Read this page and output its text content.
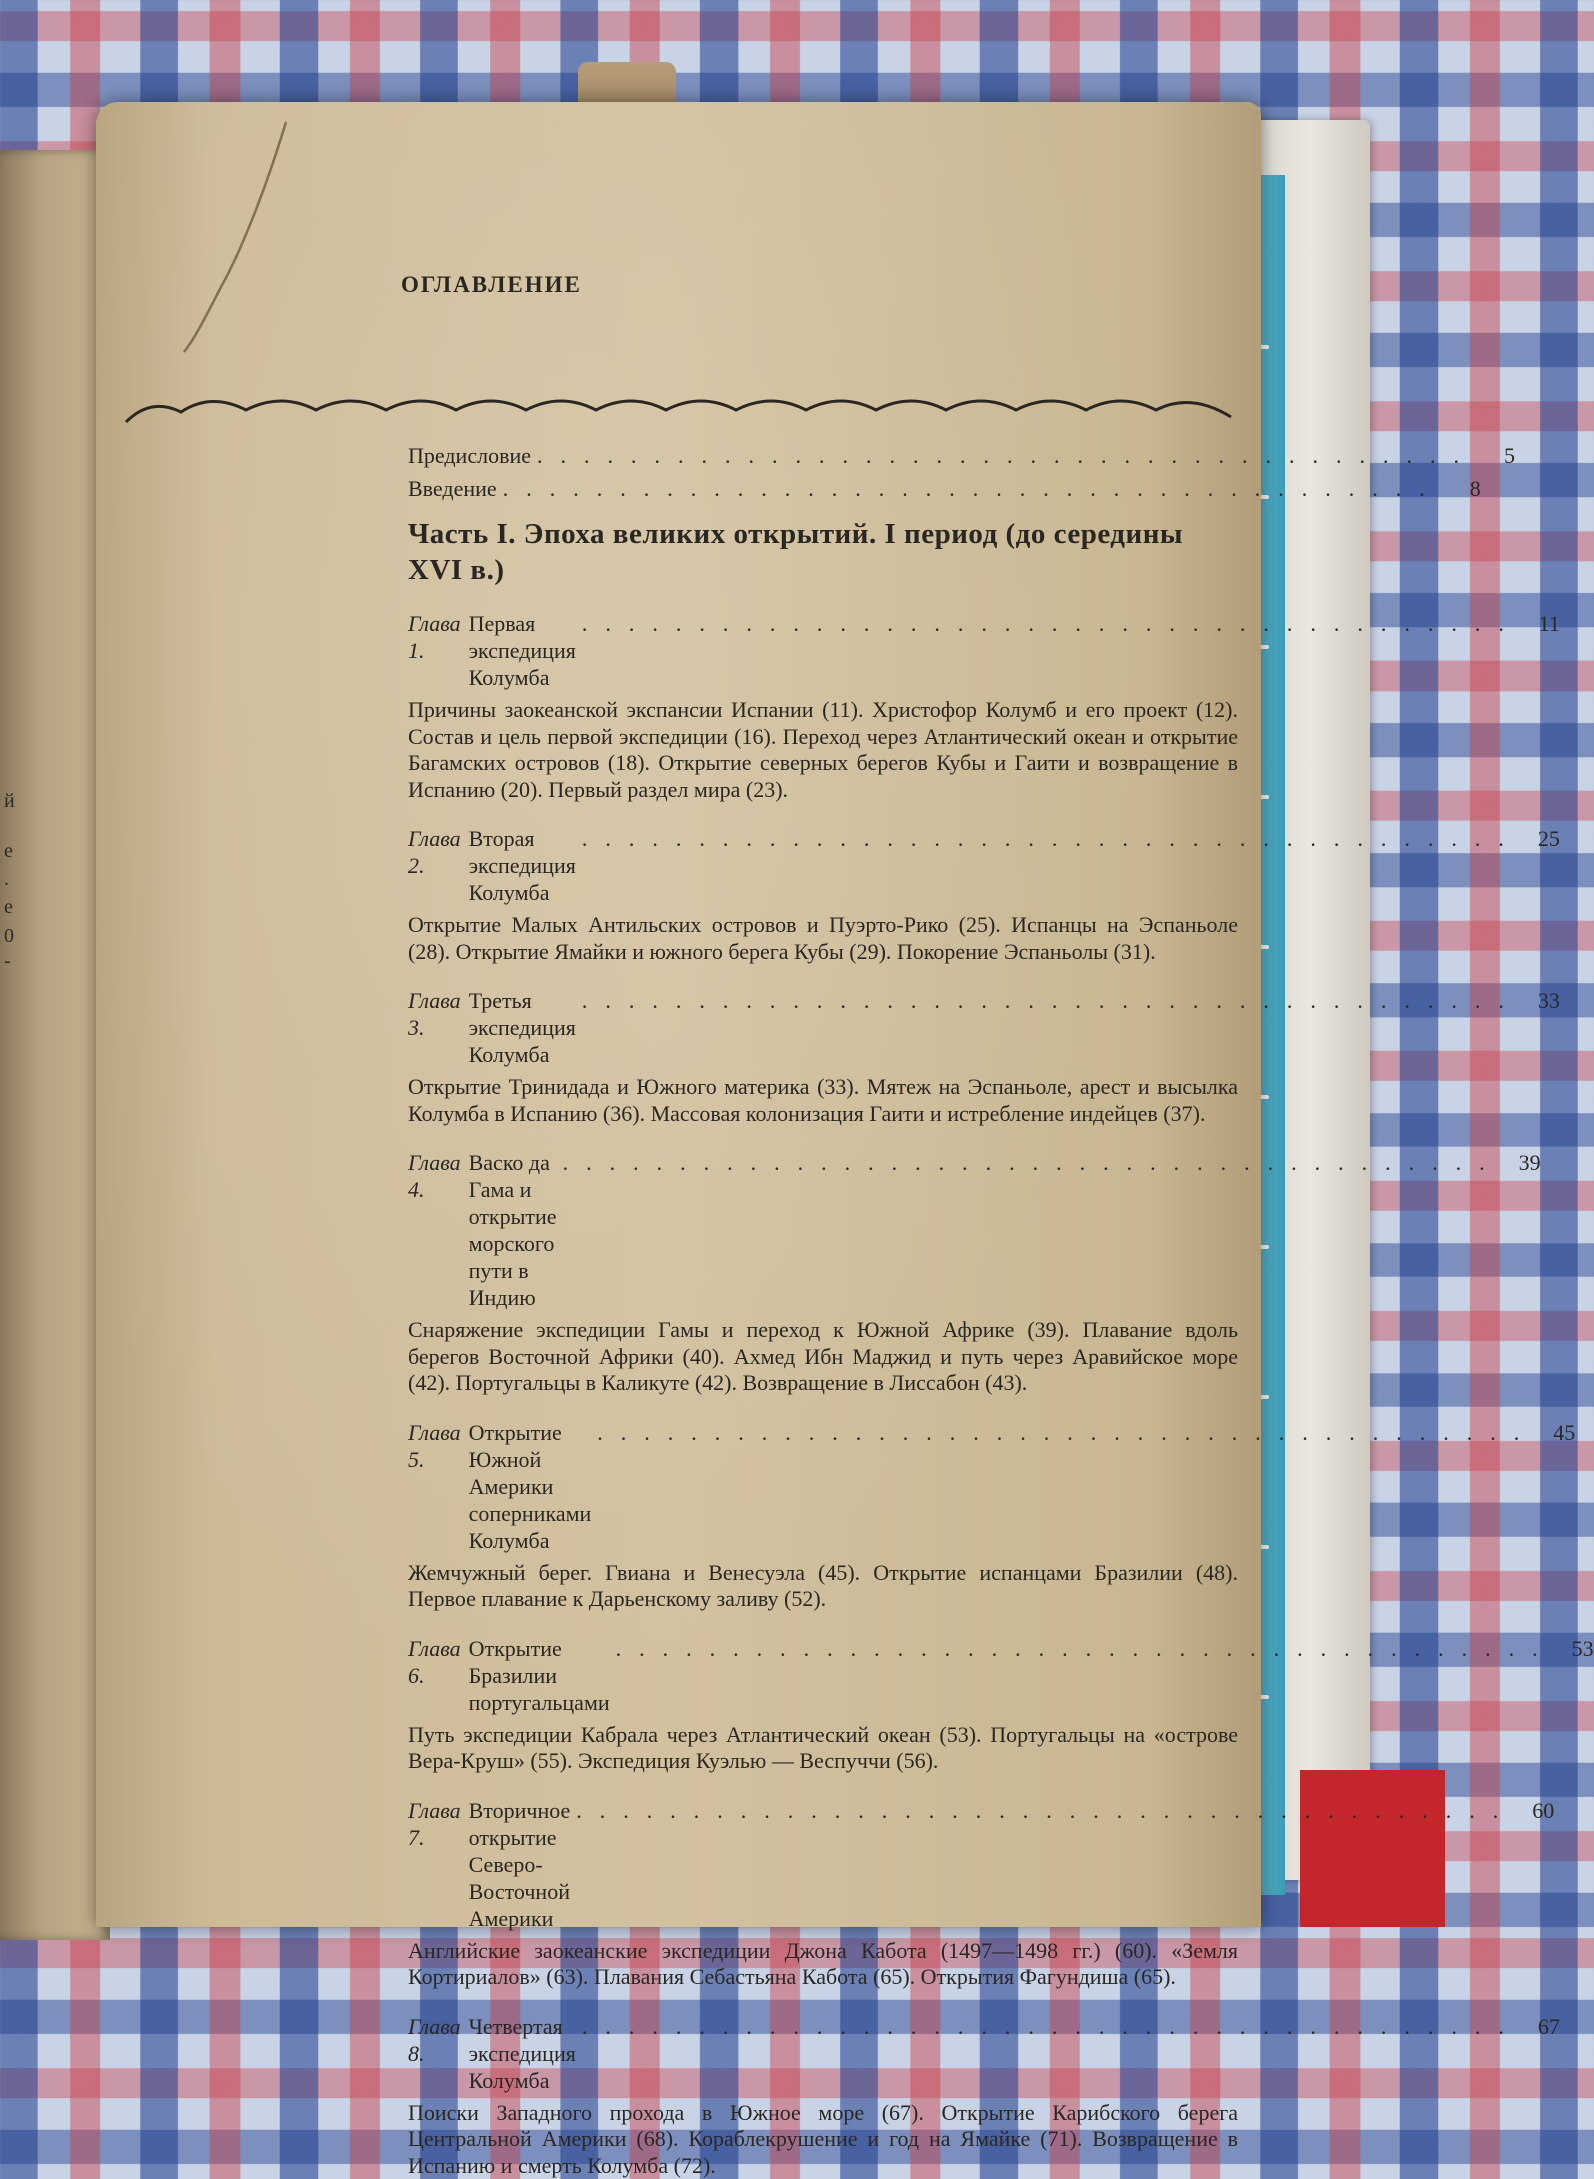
й
е
.
е
0
-
ОГЛАВЛЕНИЕ
Предисловие ........................................	5
Введение ........................................	8
Часть I. Эпоха великих открытий. I период (до середины XVI в.)
Глава 1.
Первая экспедиция Колумба
........................................ 11
Причины заокеанской экспансии Испании (11). Христофор Колумб и его проект (12). Состав и цель первой экспедиции (16). Переход через Атлантический океан и открытие Багамских островов (18). Открытие северных берегов Кубы и Гаити и возвращение в Испанию (20). Первый раздел мира (23).
Глава 2.
Вторая экспедиция Колумба
........................................ 25
Открытие Малых Антильских островов и Пуэрто-Рико (25). Испанцы на Эспаньоле (28). Открытие Ямайки и южного берега Кубы (29). Покорение Эспаньолы (31).
Глава 3.
Третья экспедиция Колумба
........................................ 33
Открытие Тринидада и Южного материка (33). Мятеж на Эспаньоле, арест и высылка Колумба в Испанию (36). Массовая колонизация Гаити и истребление индейцев (37).
Глава 4.
Васко да Гама и открытие морского пути в Индию
........................................ 39
Снаряжение экспедиции Гамы и переход к Южной Африке (39). Плавание вдоль берегов Восточной Африки (40). Ахмед Ибн Маджид и путь через Аравийское море (42). Португальцы в Каликуте (42). Возвращение в Лиссабон (43).
Глава 5.
Открытие Южной Америки соперниками Колумба
........................................ 45
Жемчужный берег. Гвиана и Венесуэла (45). Открытие испанцами Бразилии (48). Первое плавание к Дарьенскому заливу (52).
Глава 6.
Открытие Бразилии португальцами
........................................ 53
Путь экспедиции Кабрала через Атлантический океан (53). Португальцы на «острове Вера-Круш» (55). Экспедиция Куэлью — Веспуччи (56).
Глава 7.
Вторичное открытие Северо-Восточной Америки
........................................ 60
Английские заокеанские экспедиции Джона Кабота (1497—1498 гг.) (60). «Земля Кортириалов» (63). Плавания Себастьяна Кабота (65). Открытия Фагундиша (65).
Глава 8.
Четвертая экспедиция Колумба
........................................ 67
Поиски Западного прохода в Южное море (67). Открытие Карибского берега Центральной Америки (68). Кораблекрушение и год на Ямайке (71). Возвращение в Испанию и смерть Колумба (72).
